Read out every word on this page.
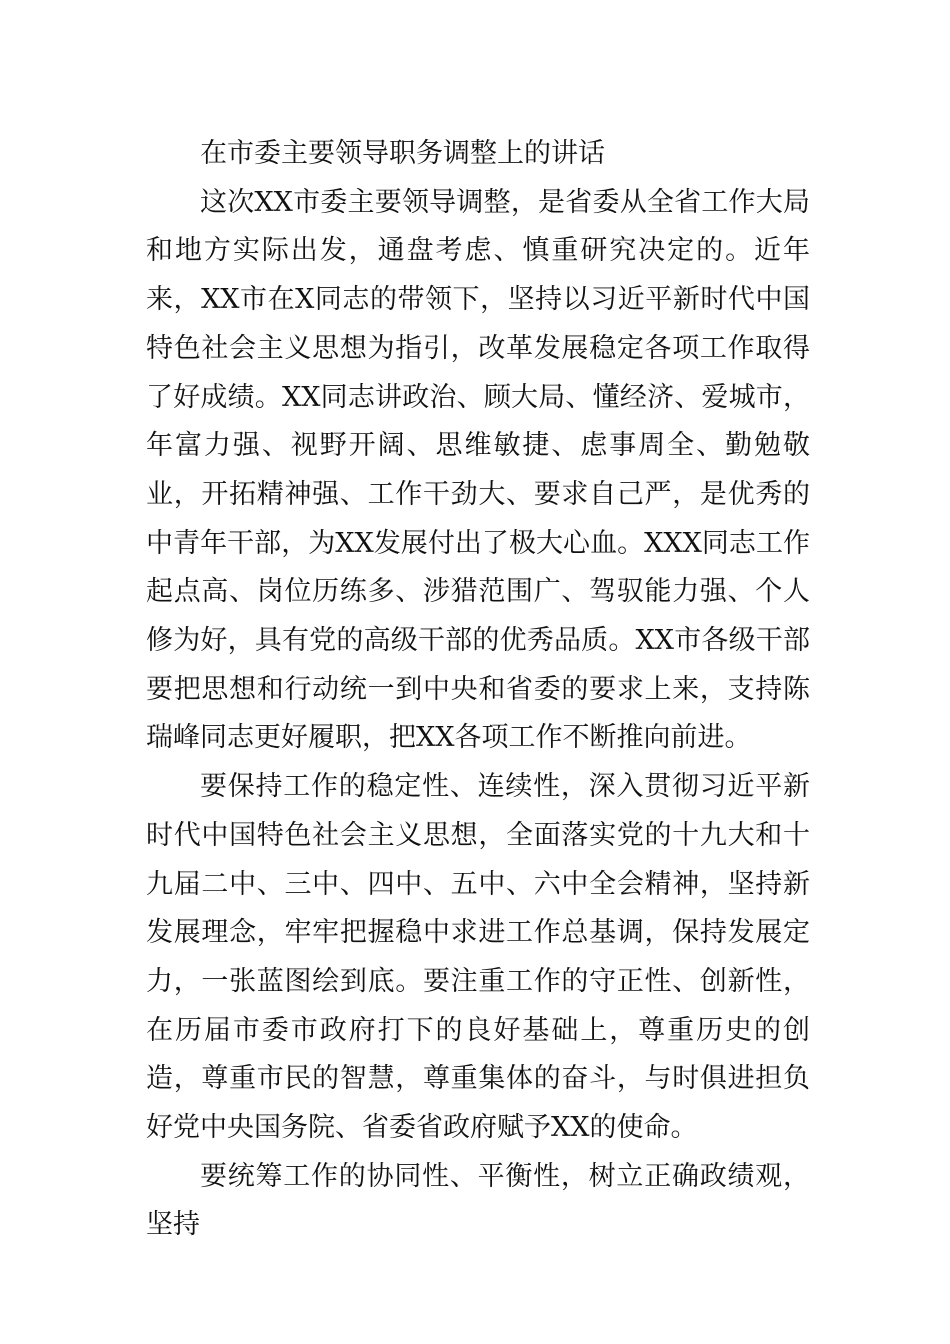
在市委主要领导职务调整上的讲话

这次XX市委主要领导调整，是省委从全省工作大局和地方实际出发，通盘考虑、慎重研究决定的。近年来，XX市在X同志的带领下，坚持以习近平新时代中国特色社会主义思想为指引，改革发展稳定各项工作取得了好成绩。XX同志讲政治、顾大局、懂经济、爱城市，年富力强、视野开阔、思维敏捷、虑事周全、勤勉敬业，开拓精神强、工作干劲大、要求自己严，是优秀的中青年干部，为XX发展付出了极大心血。XXX同志工作起点高、岗位历练多、涉猎范围广、驾驭能力强、个人修为好，具有党的高级干部的优秀品质。XX市各级干部要把思想和行动统一到中央和省委的要求上来，支持陈瑞峰同志更好履职，把XX各项工作不断推向前进。

要保持工作的稳定性、连续性，深入贯彻习近平新时代中国特色社会主义思想，全面落实党的十九大和十九届二中、三中、四中、五中、六中全会精神，坚持新发展理念，牢牢把握稳中求进工作总基调，保持发展定力，一张蓝图绘到底。要注重工作的守正性、创新性，在历届市委市政府打下的良好基础上，尊重历史的创造，尊重市民的智慧，尊重集体的奋斗，与时俱进担负好党中央国务院、省委省政府赋予XX的使命。

要统筹工作的协同性、平衡性，树立正确政绩观，坚持
